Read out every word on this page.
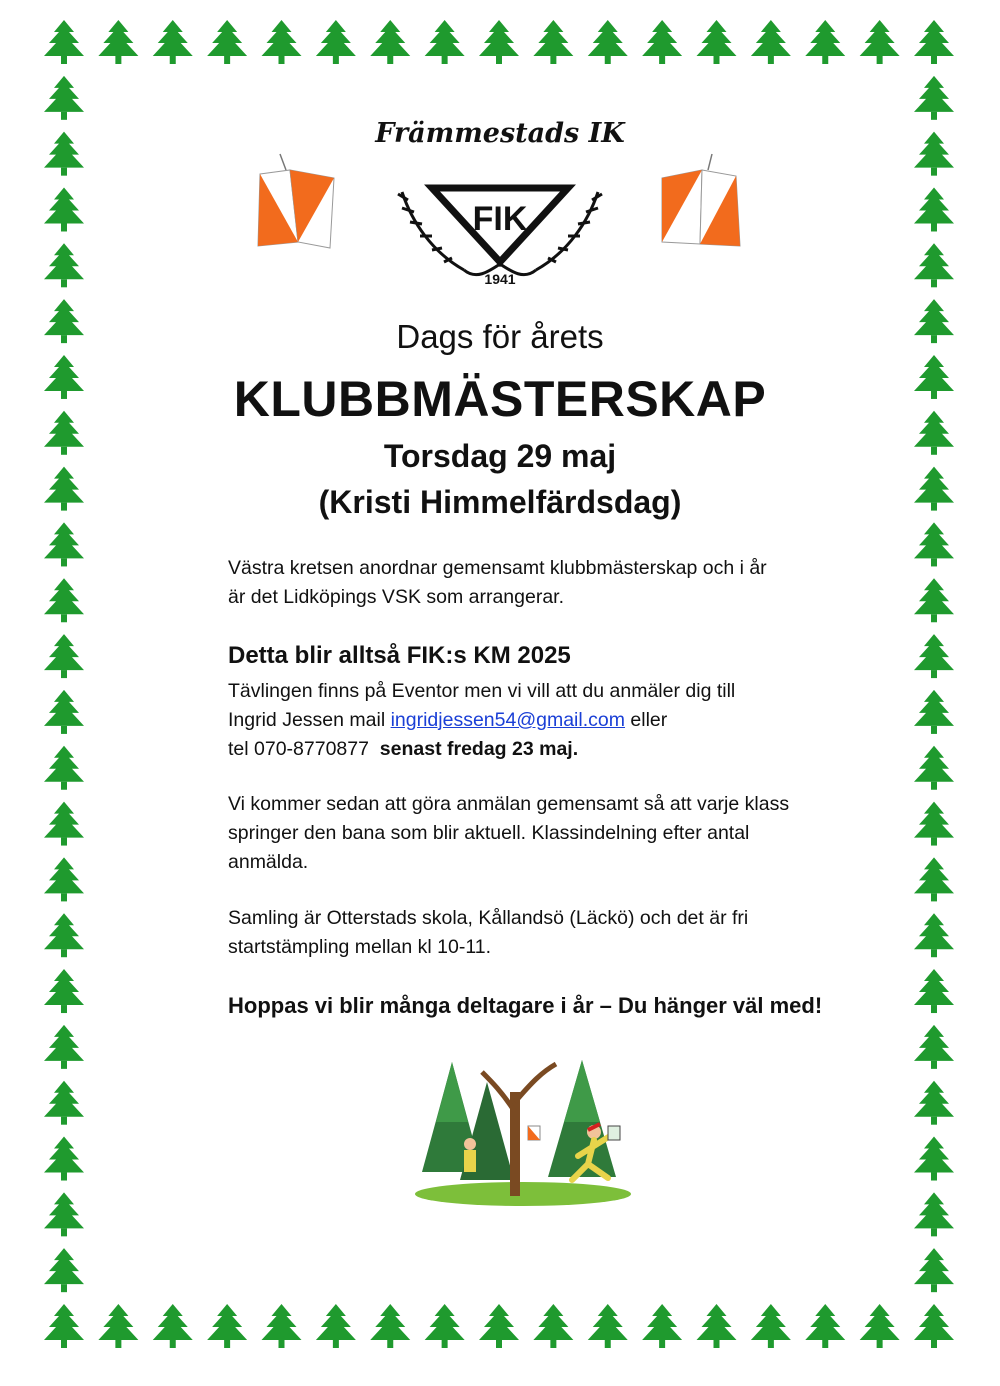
Främmestads IK
FIK
1941
Dags för årets
KLUBBMÄSTERSKAP
Torsdag 29 maj
(Kristi Himmelfärdsdag)
Västra kretsen anordnar gemensamt klubbmästerskap och i år
är det Lidköpings VSK som arrangerar.
Detta blir alltså FIK:s KM 2025
Tävlingen finns på Eventor men vi vill att du anmäler dig till
Ingrid Jessen mail ingridjessen54@gmail.com eller
tel 070-8770877  senast fredag 23 maj.
Vi kommer sedan att göra anmälan gemensamt så att varje klass
springer den bana som blir aktuell. Klassindelning efter antal
anmälda.
Samling är Otterstads skola, Kållandsö (Läckö) och det är fri
startstämpling mellan kl 10-11.
Hoppas vi blir många deltagare i år – Du hänger väl med!
